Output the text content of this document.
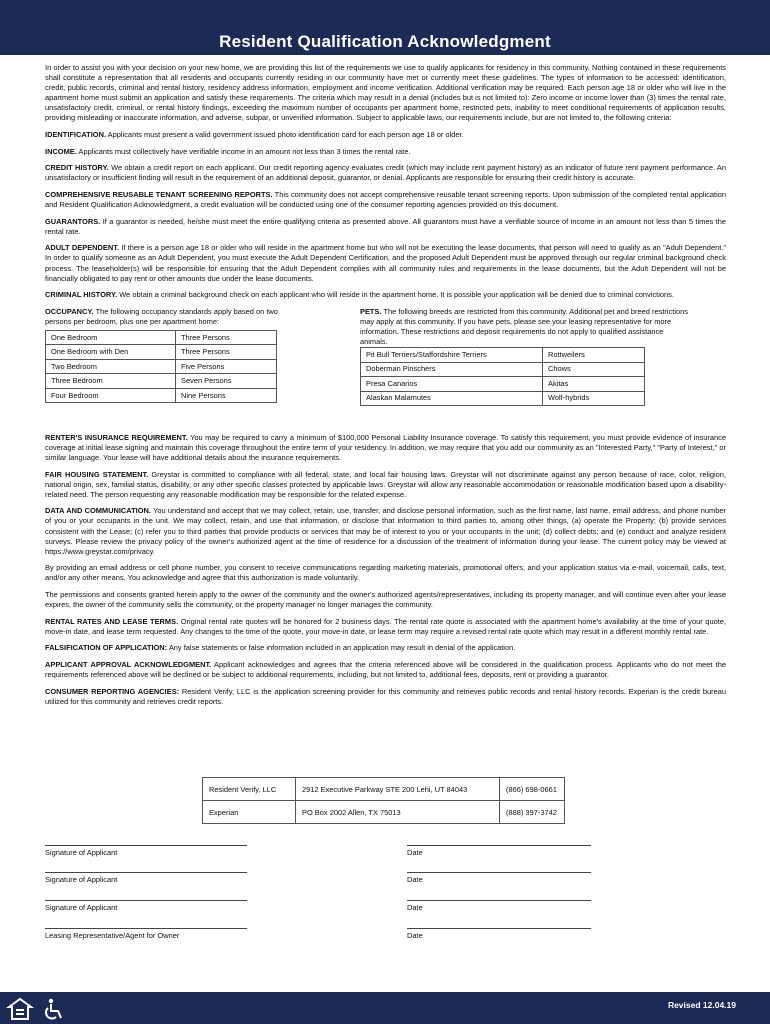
Resident Qualification Acknowledgment

In order to assist you with your decision on your new home, we are providing this list of the requirements we use to qualify applicants for residency in this community. Nothing contained in these requirements shall constitute a representation that all residents and occupants currently residing in our community have met or currently meet these guidelines. The types of information to be accessed: identification, credit, public records, criminal and rental history, residency address information, employment and income verification. Additional verification may be required. Each person age 18 or older who will live in the apartment home must submit an application and satisfy these requirements. The criteria which may result in a denial (includes but is not limited to): Zero income or income lower than (3) times the rental rate, unsatisfactory credit, criminal, or rental history findings, exceeding the maximum number of occupants per apartment home, restricted pets, inability to meet conditional requirements of application results, providing misleading or inaccurate information, and adverse, subpar, or unverified information. Subject to applicable laws, our requirements include, but are not limited to, the following criteria:

IDENTIFICATION. Applicants must present a valid government issued photo identification card for each person age 18 or older.

INCOME. Applicants must collectively have verifiable income in an amount not less than 3 times the rental rate.

CREDIT HISTORY. We obtain a credit report on each applicant. Our credit reporting agency evaluates credit (which may include rent payment history) as an indicator of future rent payment performance. An unsatisfactory or insufficient finding will result in the requirement of an additional deposit, guarantor, or denial. Applicants are responsible for ensuring their credit history is accurate.

COMPREHENSIVE REUSABLE TENANT SCREENING REPORTS. This community does not accept comprehensive reusable tenant screening reports. Upon submission of the completed rental application and Resident Qualification Acknowledgment, a credit evaluation will be conducted using one of the consumer reporting agencies provided on this document.

GUARANTORS. If a guarantor is needed, he/she must meet the entire qualifying criteria as presented above. All guarantors must have a verifiable source of income in an amount not less than 5 times the rental rate.

ADULT DEPENDENT. If there is a person age 18 or older who will reside in the apartment home but who will not be executing the lease documents, that person will need to qualify as an "Adult Dependent." In order to qualify someone as an Adult Dependent, you must execute the Adult Dependent Certification, and the proposed Adult Dependent must be approved through our regular criminal background check process. The leaseholder(s) will be responsible for ensuring that the Adult Dependent complies with all community rules and requirements in the lease documents, but the Adult Dependent will not be financially obligated to pay rent or other amounts due under the lease documents.

CRIMINAL HISTORY. We obtain a criminal background check on each applicant who will reside in the apartment home. It is possible your application will be denied due to criminal convictions.

OCCUPANCY. The following occupancy standards apply based on two persons per bedroom, plus one per apartment home:
One Bedroom	Three Persons
One Bedroom with Den	Three Persons
Two Bedroom	Five Persons
Three Bedroom	Seven Persons
Four Bedroom	Nine Persons
PETS. The following breeds are restricted from this community. Additional pet and breed restrictions may apply at this community. If you have pets, please see your leasing representative for more information. These restrictions and deposit requirements do not apply to qualified assistance animals.
Pit Bull Terriers/Staffordshire Terriers	Rottweilers
Doberman Pinschers	Chows
Presa Canarios	Akitas
Alaskan Malamutes	Wolf-hybrids

RENTER'S INSURANCE REQUIREMENT. You may be required to carry a minimum of $100,000 Personal Liability Insurance coverage. To satisfy this requirement, you must provide evidence of insurance coverage at initial lease signing and maintain this coverage throughout the entire term of your residency. In addition, we may require that you add our community as an "Interested Party," "Party of Interest," or similar language. Your lease will have additional details about the insurance requirements.

FAIR HOUSING STATEMENT. Greystar is committed to compliance with all federal, state, and local fair housing laws. Greystar will not discriminate against any person because of race, color, religion, national origin, sex, familial status, disability, or any other specific classes protected by applicable laws. Greystar will allow any reasonable accommodation or reasonable modification based upon a disability-related need. The person requesting any reasonable modification may be responsible for the related expense.

DATA AND COMMUNICATION. You understand and accept that we may collect, retain, use, transfer, and disclose personal information, such as the first name, last name, email address, and phone number of you or your occupants in the unit. We may collect, retain, and use that information, or disclose that information to third parties to, among other things, (a) operate the Property; (b) provide services consistent with the Lease; (c) refer you to third parties that provide products or services that may be of interest to you or your occupants in the unit; (d) collect debts; and (e) conduct and analyze resident surveys. Please review the privacy policy of the owner's authorized agent at the time of residence for a discussion of the treatment of information during your lease. The current policy may be viewed at https://www.greystar.com/privacy.

By providing an email address or cell phone number, you consent to receive communications regarding marketing materials, promotional offers, and your application status via e-mail, voicemail, calls, text, and/or any other means. You acknowledge and agree that this authorization is made voluntarily.

The permissions and consents granted herein apply to the owner of the community and the owner's authorized agents/representatives, including its property manager, and will continue even after your lease expires, the owner of the community sells the community, or the property manager no longer manages the community.

RENTAL RATES AND LEASE TERMS. Original rental rate quotes will be honored for 2 business days. The rental rate quote is associated with the apartment home's availability at the time of your quote, move-in date, and lease term requested. Any changes to the time of the quote, your move-in date, or lease term may require a revised rental rate quote which may result in a different monthly rental rate.

FALSIFICATION OF APPLICATION: Any false statements or false information included in an application may result in denial of the application.

APPLICANT APPROVAL ACKNOWLEDGMENT. Applicant acknowledges and agrees that the criteria referenced above will be considered in the qualification process. Applicants who do not meet the requirements referenced above will be declined or be subject to additional requirements, including, but not limited to, additional fees, deposits, rent or providing a guarantor.

CONSUMER REPORTING AGENCIES: Resident Verify, LLC is the application screening provider for this community and retrieves public records and rental history records. Experian is the credit bureau utilized for this community and retrieves credit reports.

Resident Verify, LLC	2912 Executive Parkway STE 200 Lehi, UT 84043	(866) 698-0661
Experian	PO Box 2002 Allen, TX 75013	(888) 397-3742
Signature of Applicant	Date
Signature of Applicant	Date
Signature of Applicant	Date
Leasing Representative/Agent for Owner	Date
Revised 12.04.19
